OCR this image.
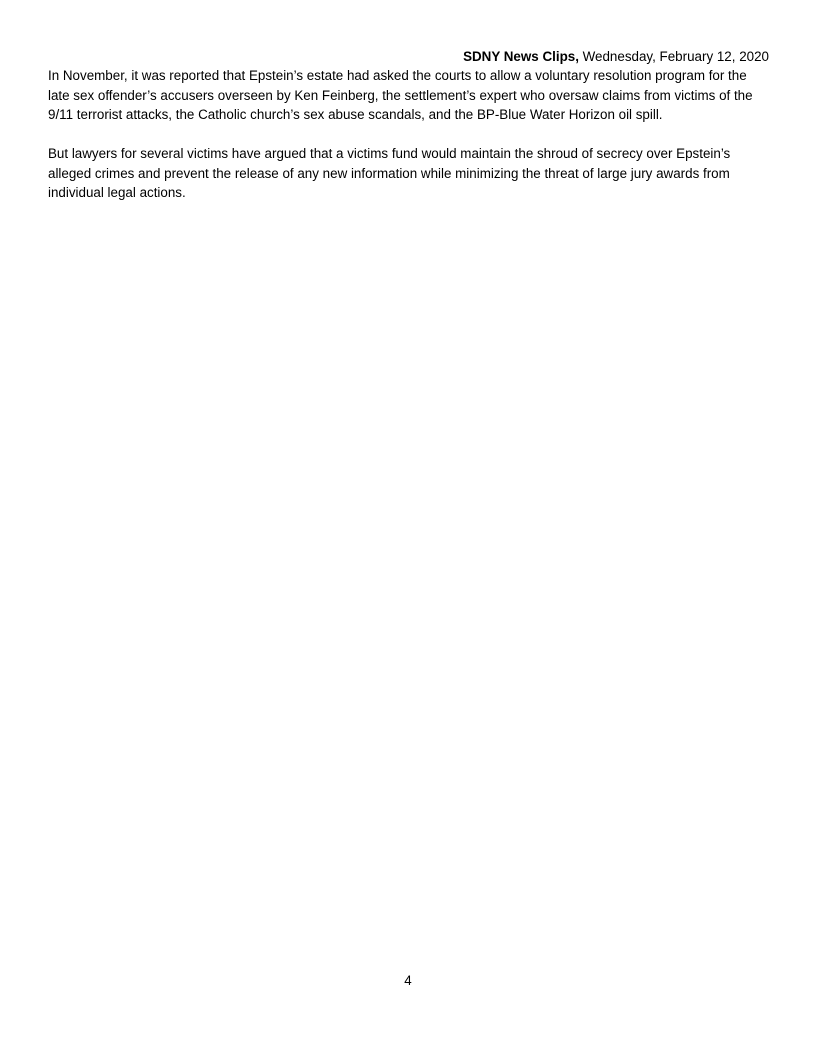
SDNY News Clips, Wednesday, February 12, 2020

In November, it was reported that Epstein’s estate had asked the courts to allow a voluntary resolution program for the late sex offender’s accusers overseen by Ken Feinberg, the settlement’s expert who oversaw claims from victims of the 9/11 terrorist attacks, the Catholic church’s sex abuse scandals, and the BP-Blue Water Horizon oil spill.

But lawyers for several victims have argued that a victims fund would maintain the shroud of secrecy over Epstein’s alleged crimes and prevent the release of any new information while minimizing the threat of large jury awards from individual legal actions.

4
